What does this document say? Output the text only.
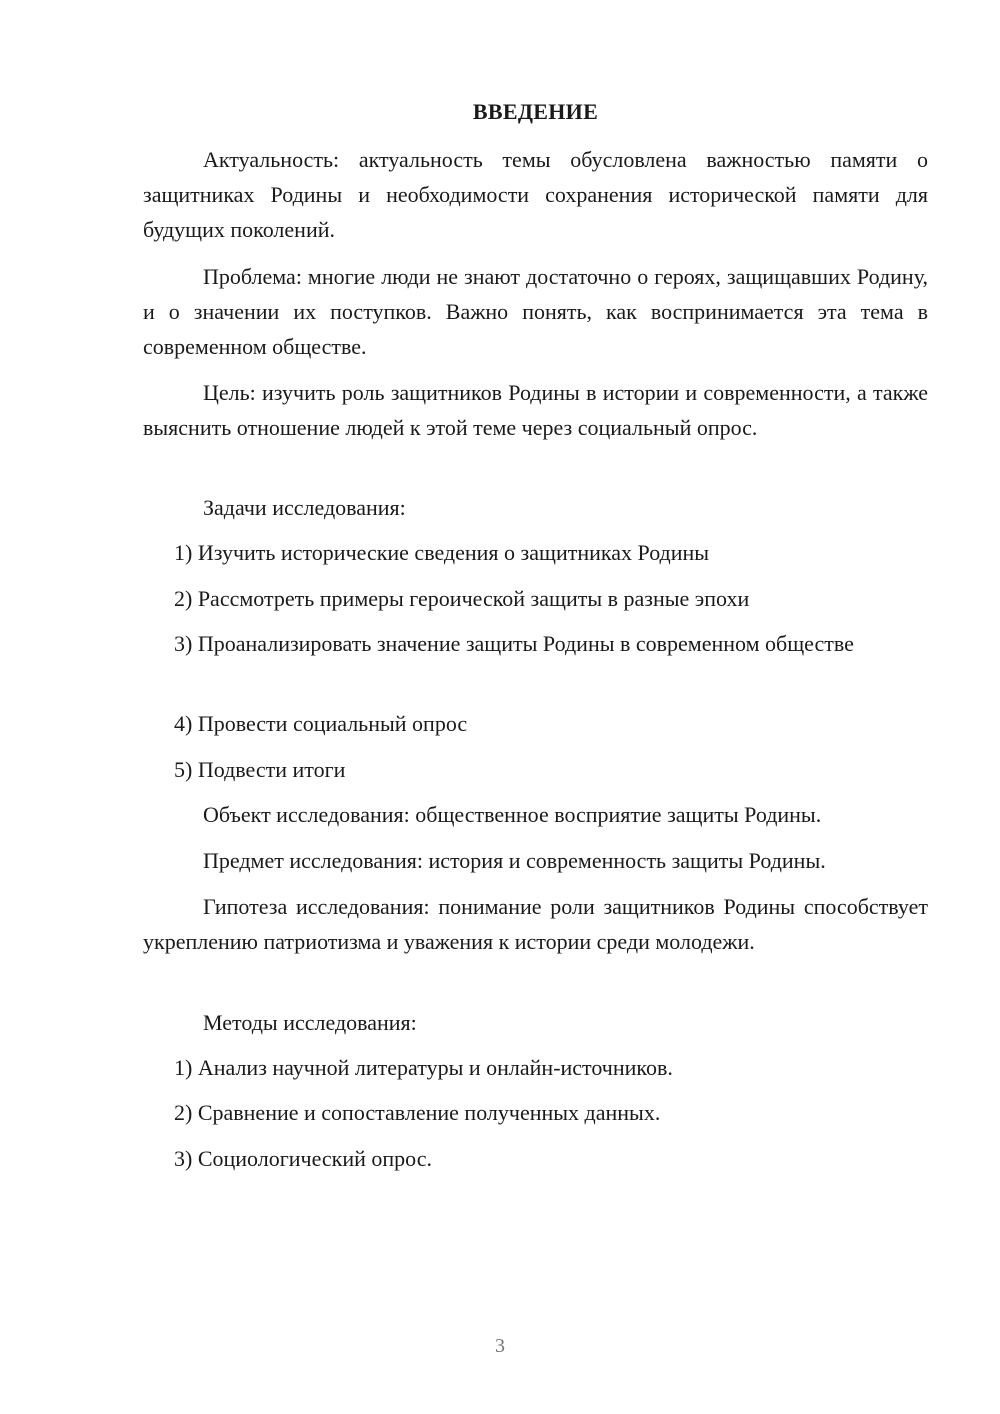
ВВЕДЕНИЕ
Актуальность: актуальность темы обусловлена важностью памяти о защитниках Родины и необходимости сохранения исторической памяти для будущих поколений.
Проблема: многие люди не знают достаточно о героях, защищавших Родину, и о значении их поступков. Важно понять, как воспринимается эта тема в современном обществе.
Цель: изучить роль защитников Родины в истории и современности, а также выяснить отношение людей к этой теме через социальный опрос.
Задачи исследования:
1) Изучить исторические сведения о защитниках Родины
2) Рассмотреть примеры героической защиты в разные эпохи
3) Проанализировать значение защиты Родины в современном обществе
4) Провести социальный опрос
5) Подвести итоги
Объект исследования: общественное восприятие защиты Родины.
Предмет исследования: история и современность защиты Родины.
Гипотеза исследования: понимание роли защитников Родины способствует укреплению патриотизма и уважения к истории среди молодежи.
Методы исследования:
1) Анализ научной литературы и онлайн-источников.
2) Сравнение и сопоставление полученных данных.
3) Социологический опрос.
3
